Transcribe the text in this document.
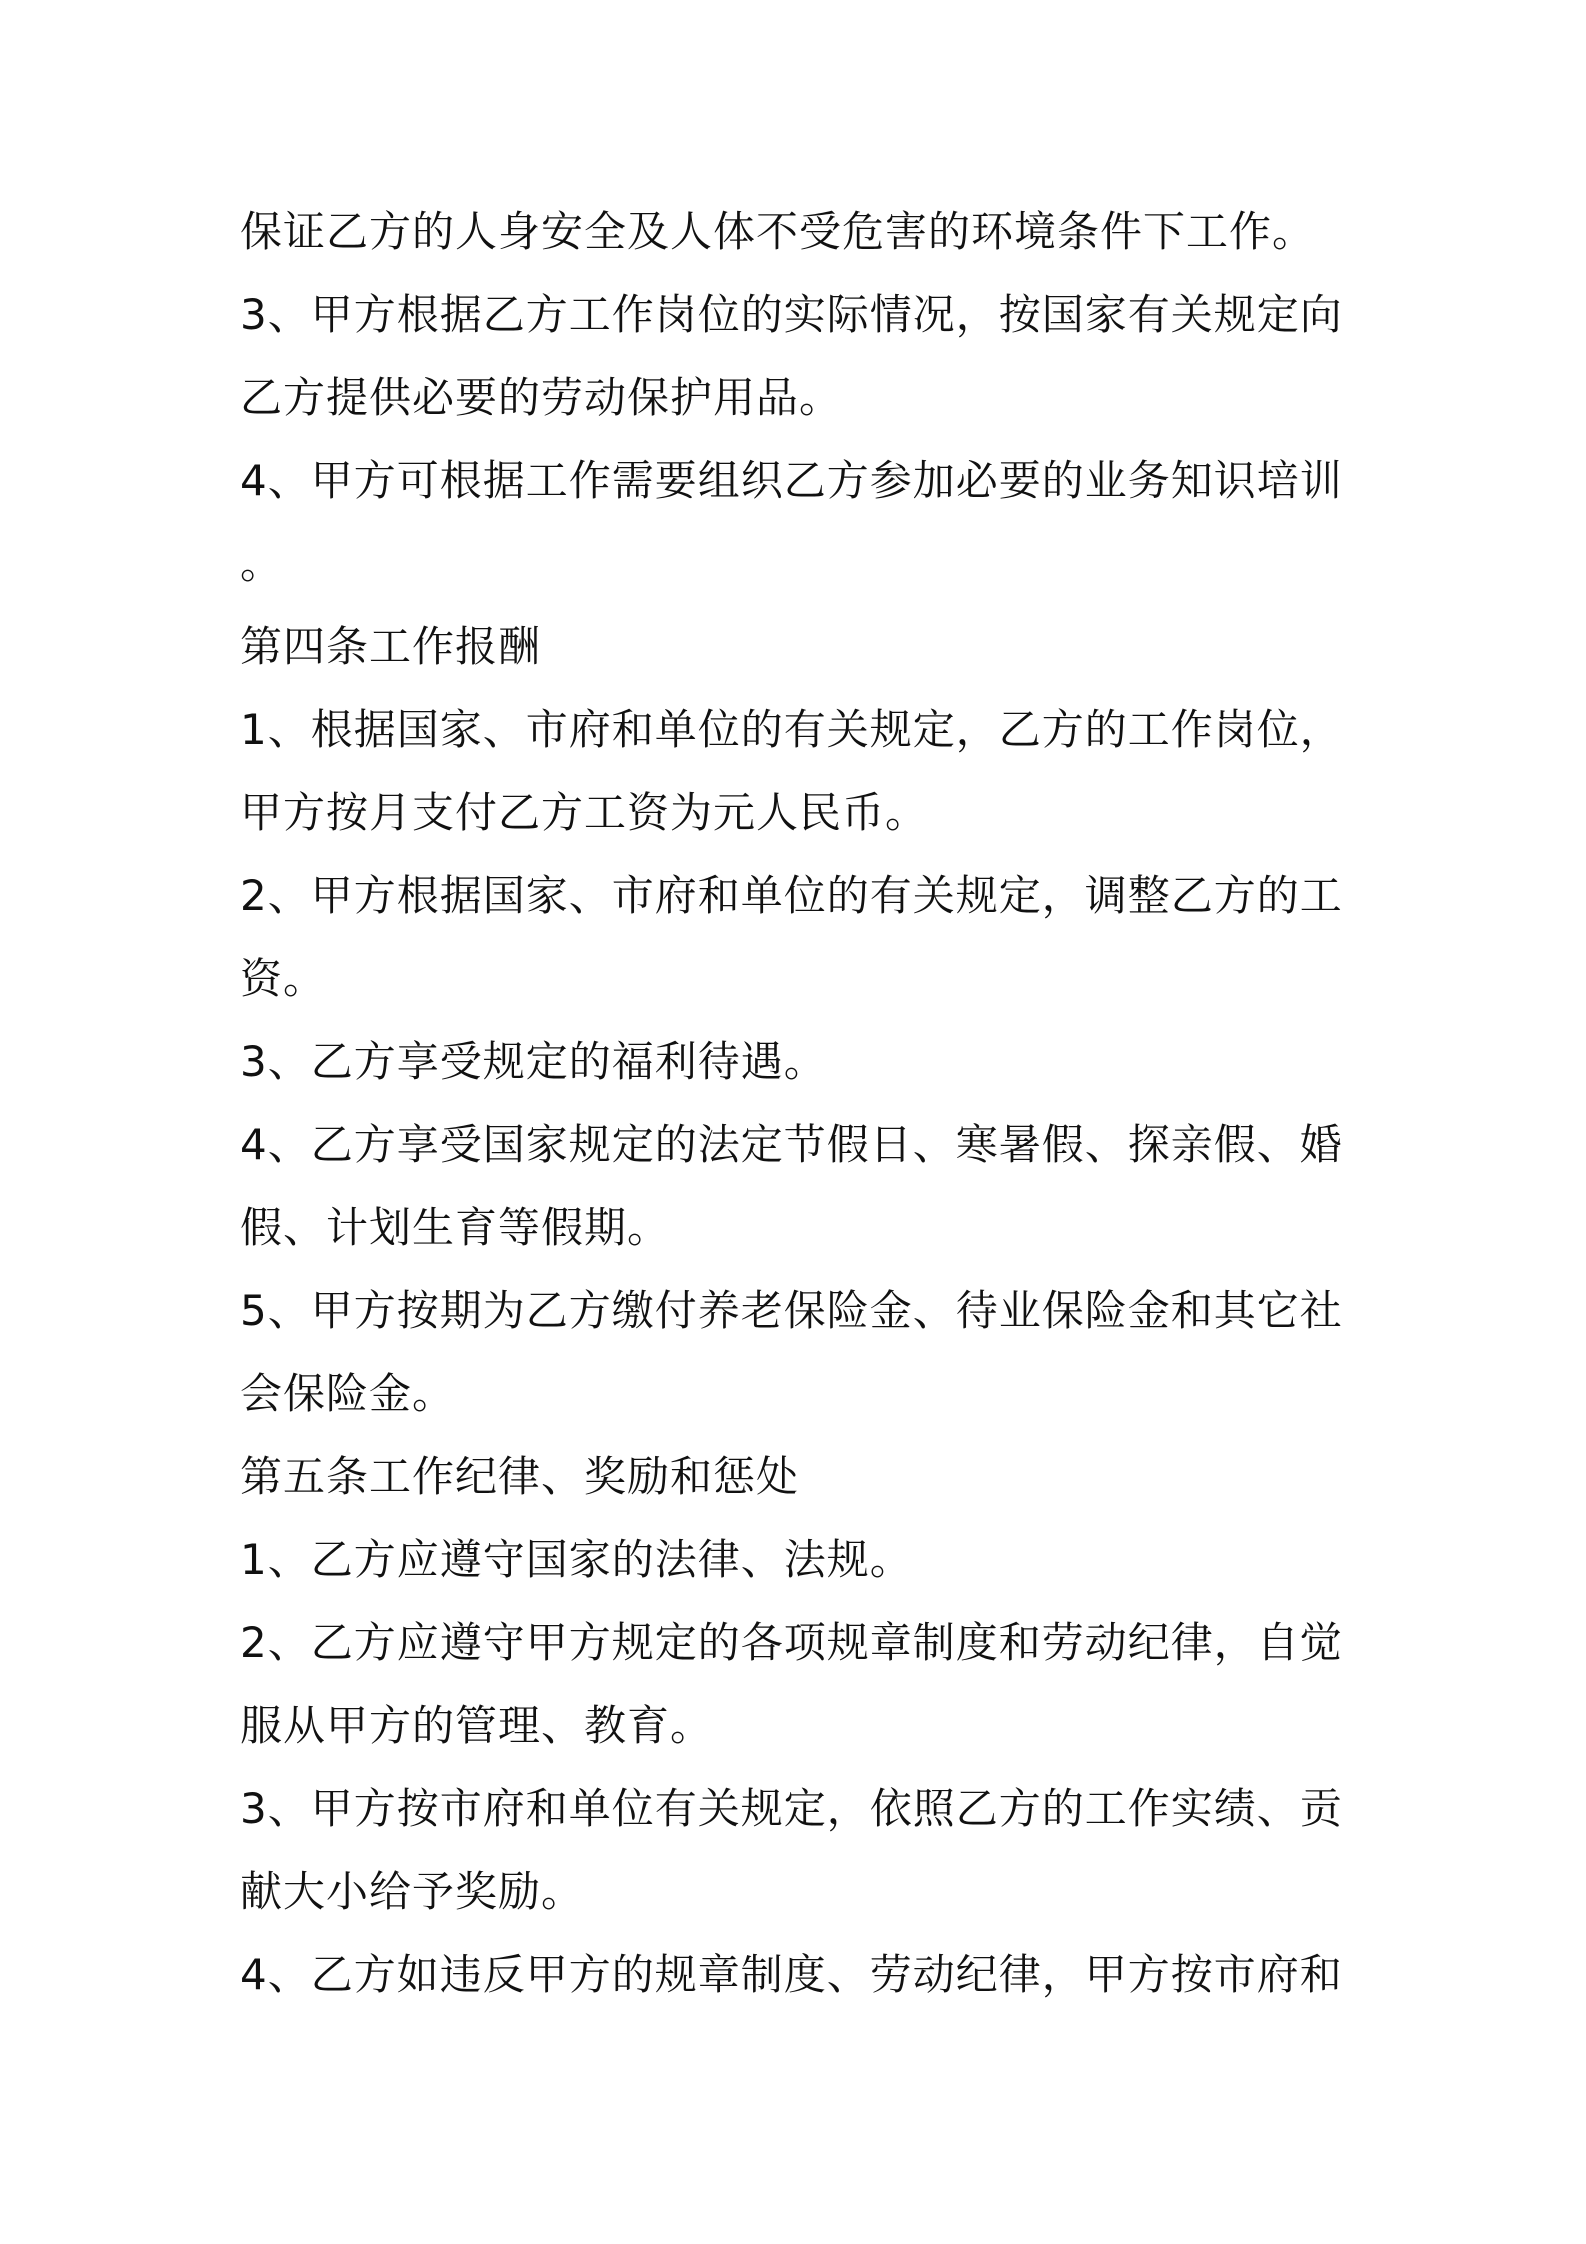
保证乙方的人身安全及人体不受危害的环境条件下工作。
3、甲方根据乙方工作岗位的实际情况，按国家有关规定向
乙方提供必要的劳动保护用品。
4、甲方可根据工作需要组织乙方参加必要的业务知识培训
。
第四条工作报酬
1、根据国家、市府和单位的有关规定，乙方的工作岗位，
甲方按月支付乙方工资为元人民币。
2、甲方根据国家、市府和单位的有关规定，调整乙方的工
资。
3、乙方享受规定的福利待遇。
4、乙方享受国家规定的法定节假日、寒暑假、探亲假、婚
假、计划生育等假期。
5、甲方按期为乙方缴付养老保险金、待业保险金和其它社
会保险金。
第五条工作纪律、奖励和惩处
1、乙方应遵守国家的法律、法规。
2、乙方应遵守甲方规定的各项规章制度和劳动纪律，自觉
服从甲方的管理、教育。
3、甲方按市府和单位有关规定，依照乙方的工作实绩、贡
献大小给予奖励。
4、乙方如违反甲方的规章制度、劳动纪律，甲方按市府和
